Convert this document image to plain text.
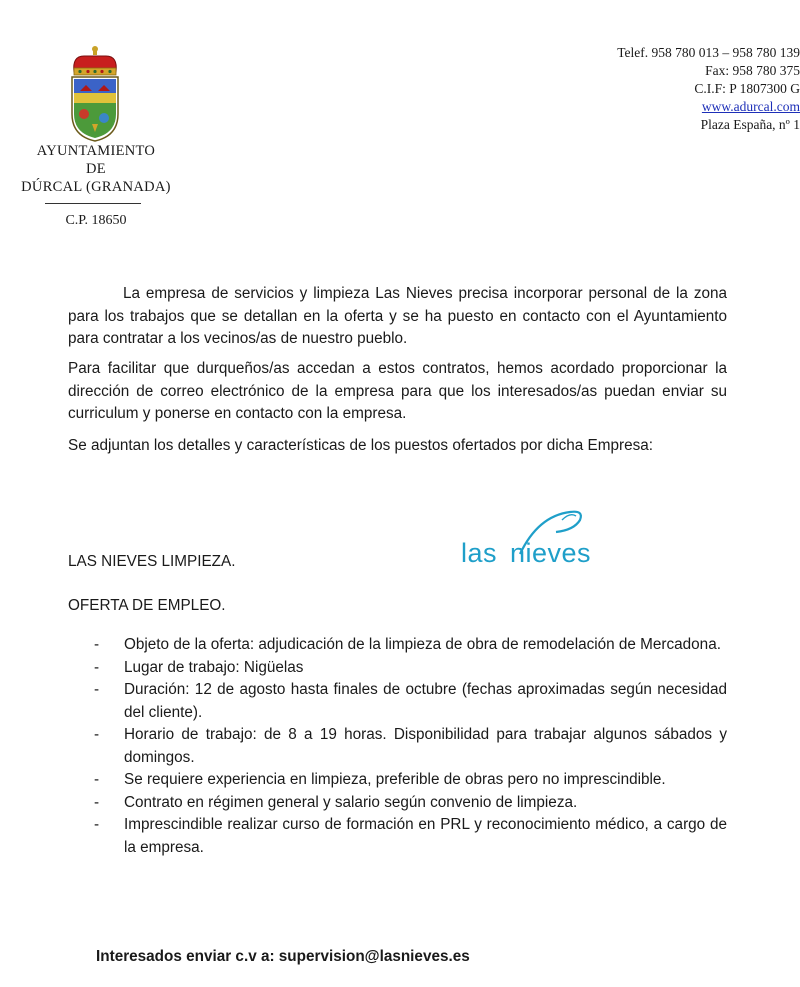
AYUNTAMIENTO
DE
DÚRCAL (GRANADA)
C.P. 18650
Telef. 958 780 013 – 958 780 139
Fax: 958 780 375
C.I.F: P 1807300 G
www.adurcal.com
Plaza España, nº 1

La empresa de servicios y limpieza Las Nieves precisa incorporar personal de la zona para los trabajos que se detallan en la oferta y se ha puesto en contacto con el Ayuntamiento para contratar a los vecinos/as de nuestro pueblo.

Para facilitar que durqueños/as accedan a estos contratos, hemos acordado proporcionar la dirección de correo electrónico de la empresa para que los interesados/as puedan enviar su curriculum y ponerse en contacto con la empresa.

Se adjuntan los detalles y características de los puestos ofertados por dicha Empresa:

las nieves
LAS NIEVES LIMPIEZA.
OFERTA DE EMPLEO.
- Objeto de la oferta: adjudicación de la limpieza de obra de remodelación de Mercadona.
- Lugar de trabajo: Nigüelas
- Duración: 12 de agosto hasta finales de octubre (fechas aproximadas según necesidad del cliente).
- Horario de trabajo: de 8 a 19 horas. Disponibilidad para trabajar algunos sábados y domingos.
- Se requiere experiencia en limpieza, preferible de obras pero no imprescindible.
- Contrato en régimen general y salario según convenio de limpieza.
- Imprescindible realizar curso de formación en PRL y reconocimiento médico, a cargo de la empresa.
Interesados enviar c.v a: supervision@lasnieves.es
